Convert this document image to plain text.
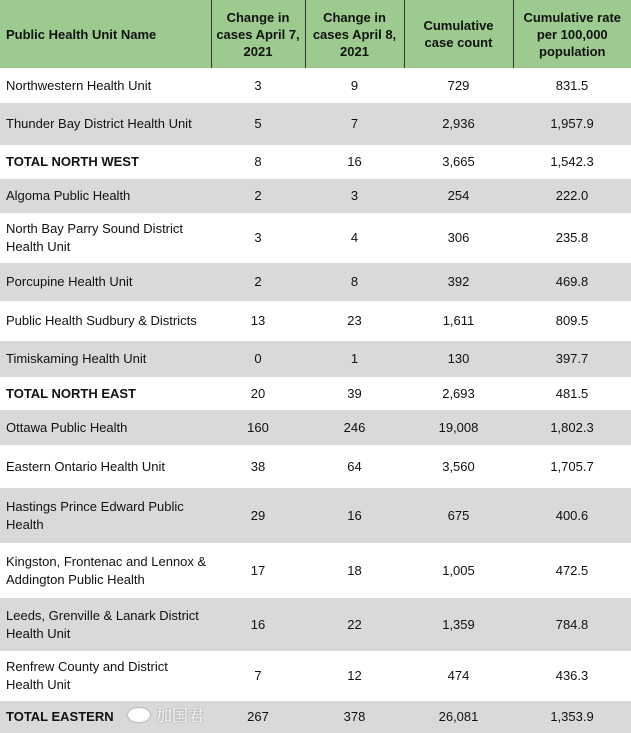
Public Health Unit Name	Change in cases April 7, 2021	Change in cases April 8, 2021	Cumulative case count	Cumulative rate per 100,000 population
Northwestern Health Unit	3	9	729	831.5
Thunder Bay District Health Unit	5	7	2,936	1,957.9
TOTAL NORTH WEST	8	16	3,665	1,542.3
Algoma Public Health	2	3	254	222.0
North Bay Parry Sound District Health Unit	3	4	306	235.8
Porcupine Health Unit	2	8	392	469.8
Public Health Sudbury & Districts	13	23	1,611	809.5
Timiskaming Health Unit	0	1	130	397.7
TOTAL NORTH EAST	20	39	2,693	481.5
Ottawa Public Health	160	246	19,008	1,802.3
Eastern Ontario Health Unit	38	64	3,560	1,705.7
Hastings Prince Edward Public Health	29	16	675	400.6
Kingston, Frontenac and Lennox & Addington Public Health	17	18	1,005	472.5
Leeds, Grenville & Lanark District Health Unit	16	22	1,359	784.8
Renfrew County and District Health Unit	7	12	474	436.3
TOTAL EASTERN	267	378	26,081	1,353.9
加国君
